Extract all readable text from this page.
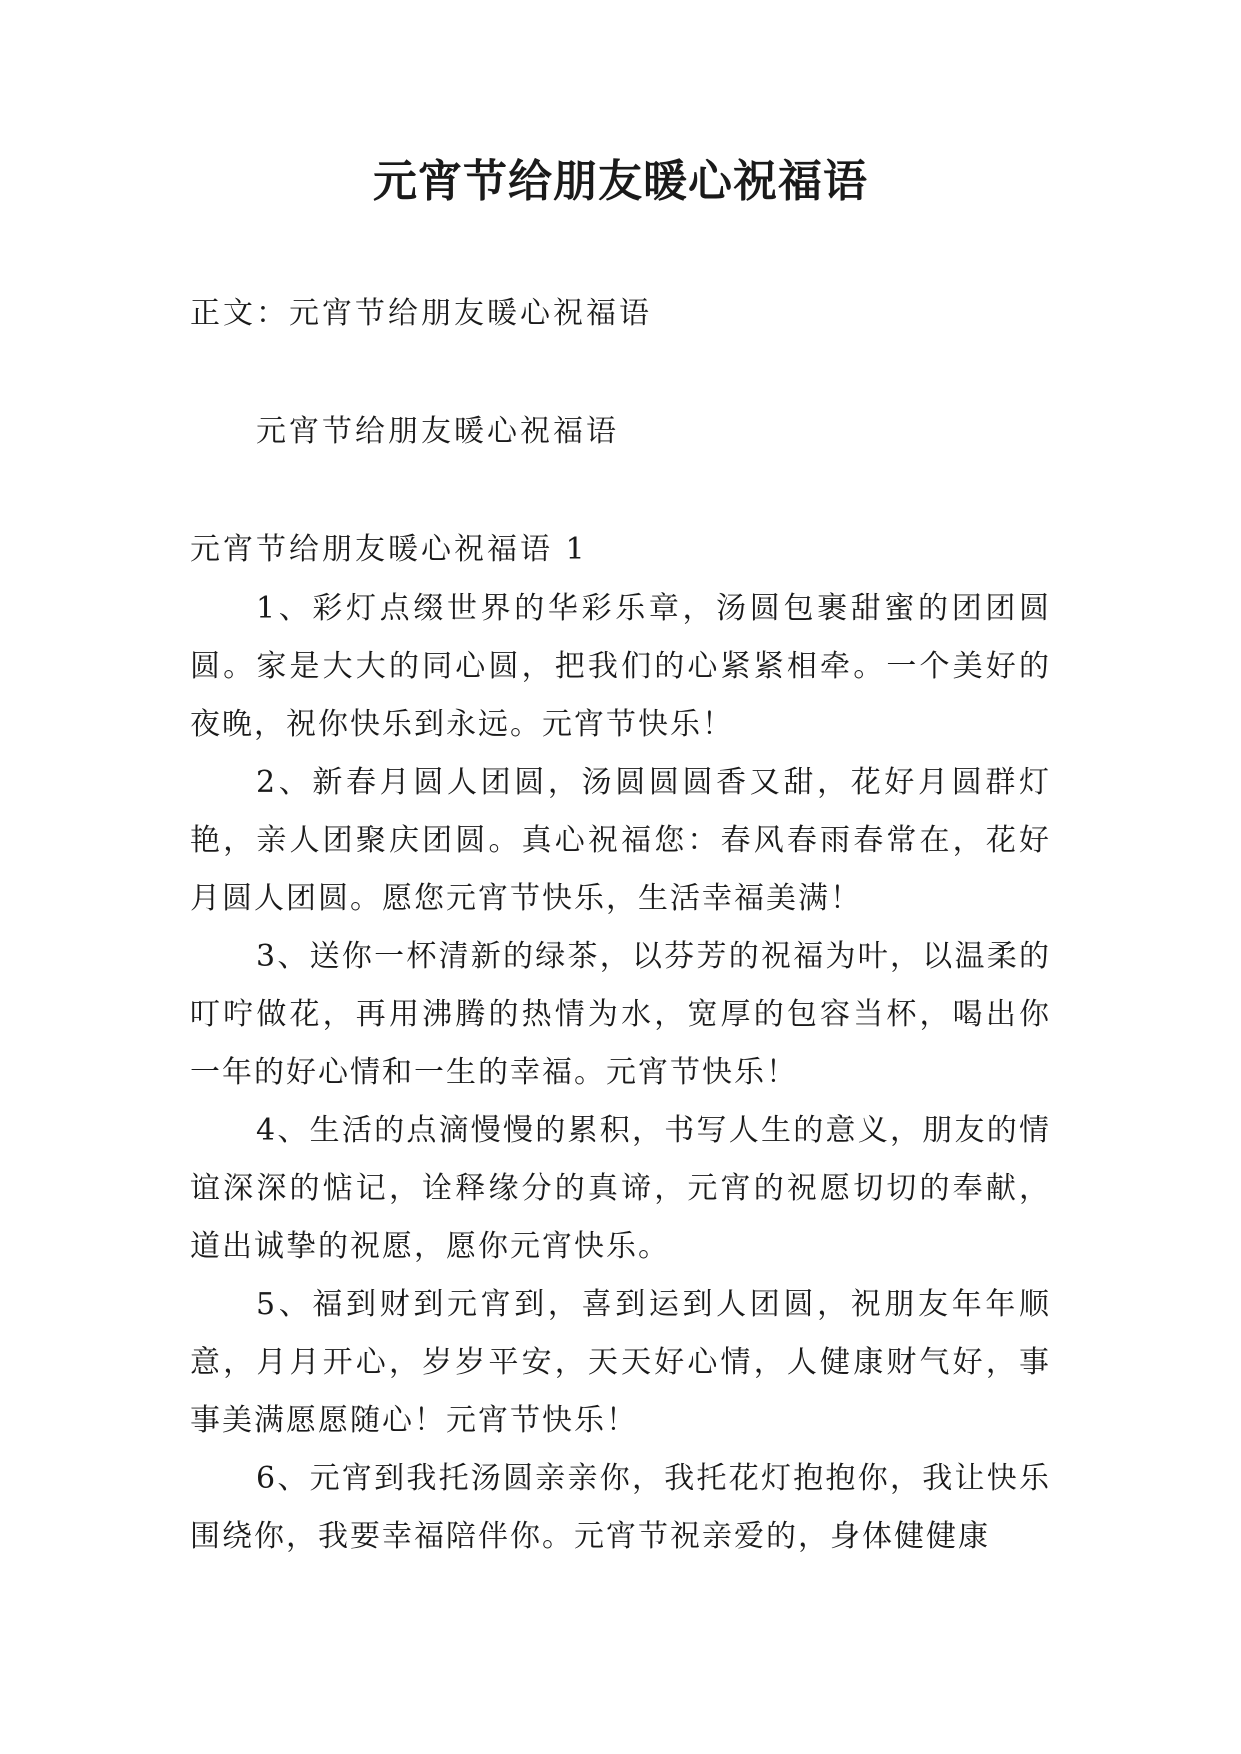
元宵节给朋友暖心祝福语

正文：元宵节给朋友暖心祝福语

元宵节给朋友暖心祝福语

元宵节给朋友暖心祝福语 1

1、彩灯点缀世界的华彩乐章，汤圆包裹甜蜜的团团圆圆。家是大大的同心圆，把我们的心紧紧相牵。一个美好的夜晚，祝你快乐到永远。元宵节快乐！

2、新春月圆人团圆，汤圆圆圆香又甜，花好月圆群灯艳，亲人团聚庆团圆。真心祝福您：春风春雨春常在，花好月圆人团圆。愿您元宵节快乐，生活幸福美满！

3、送你一杯清新的绿茶，以芬芳的祝福为叶，以温柔的叮咛做花，再用沸腾的热情为水，宽厚的包容当杯，喝出你一年的好心情和一生的幸福。元宵节快乐！

4、生活的点滴慢慢的累积，书写人生的意义，朋友的情谊深深的惦记，诠释缘分的真谛，元宵的祝愿切切的奉献，道出诚挚的祝愿，愿你元宵快乐。

5、福到财到元宵到，喜到运到人团圆，祝朋友年年顺意，月月开心，岁岁平安，天天好心情，人健康财气好，事事美满愿愿随心！元宵节快乐！

6、元宵到我托汤圆亲亲你，我托花灯抱抱你，我让快乐围绕你，我要幸福陪伴你。元宵节祝亲爱的，身体健健康
